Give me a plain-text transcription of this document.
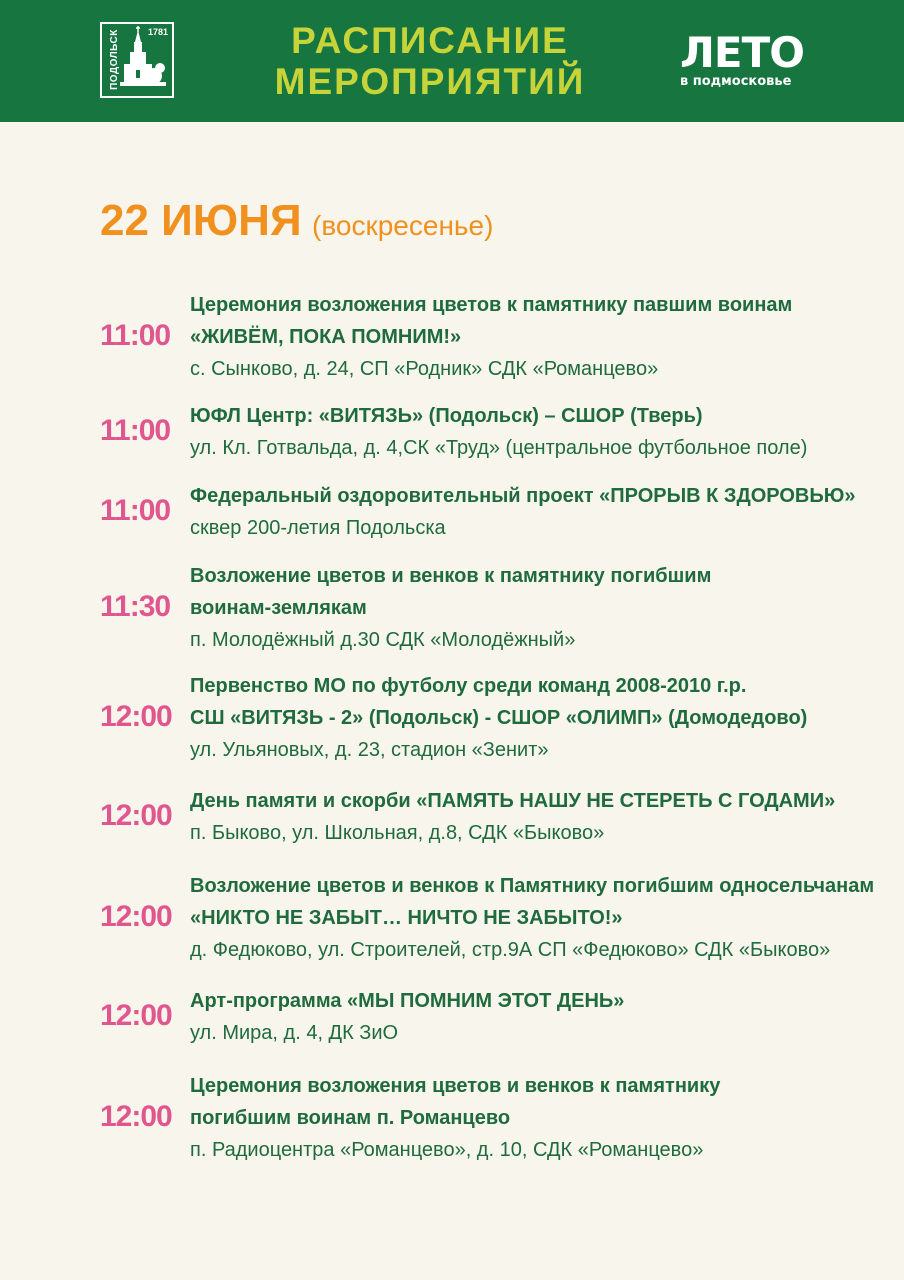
1781
ПОДОЛЬСК	РАСПИСАНИЕ
МЕРОПРИЯТИЙ
ЛЕТО
в подмосковье
22 ИЮНЯ (воскресенье)
11:00
Церемония возложения цветов к памятнику павшим воинам
«ЖИВЁМ, ПОКА ПОМНИМ!»
с. Сынково, д. 24, СП «Родник» СДК «Романцево»
11:00 ЮФЛ Центр: «ВИТЯЗЬ» (Подольск) – СШОР (Тверь)
ул. Кл. Готвальда, д. 4,СК «Труд» (центральное футбольное поле)
11:00 Федеральный оздоровительный проект «ПРОРЫВ К ЗДОРОВЬЮ»
сквер 200-летия Подольска
11:30
Возложение цветов и венков к памятнику погибшим
воинам-землякам
п. Молодёжный д.30 СДК «Молодёжный»
12:00
Первенство МО по футболу среди команд 2008-2010 г.р.
СШ «ВИТЯЗЬ - 2» (Подольск) - СШОР «ОЛИМП» (Домодедово)
ул. Ульяновых, д. 23, стадион «Зенит»
12:00 День памяти и скорби «ПАМЯТЬ НАШУ НЕ СТЕРЕТЬ С ГОДАМИ»
п. Быково, ул. Школьная, д.8, СДК «Быково»
12:00
Возложение цветов и венков к Памятнику погибшим односельчанам
«НИКТО НЕ ЗАБЫТ… НИЧТО НЕ ЗАБЫТО!»
д. Федюково, ул. Строителей, стр.9А СП «Федюково» СДК «Быково»
12:00 Арт-программа «МЫ ПОМНИМ ЭТОТ ДЕНЬ»
ул. Мира, д. 4, ДК ЗиО
12:00
Церемония возложения цветов и венков к памятнику
погибшим воинам п. Романцево
п. Радиоцентра «Романцево», д. 10, СДК «Романцево»
